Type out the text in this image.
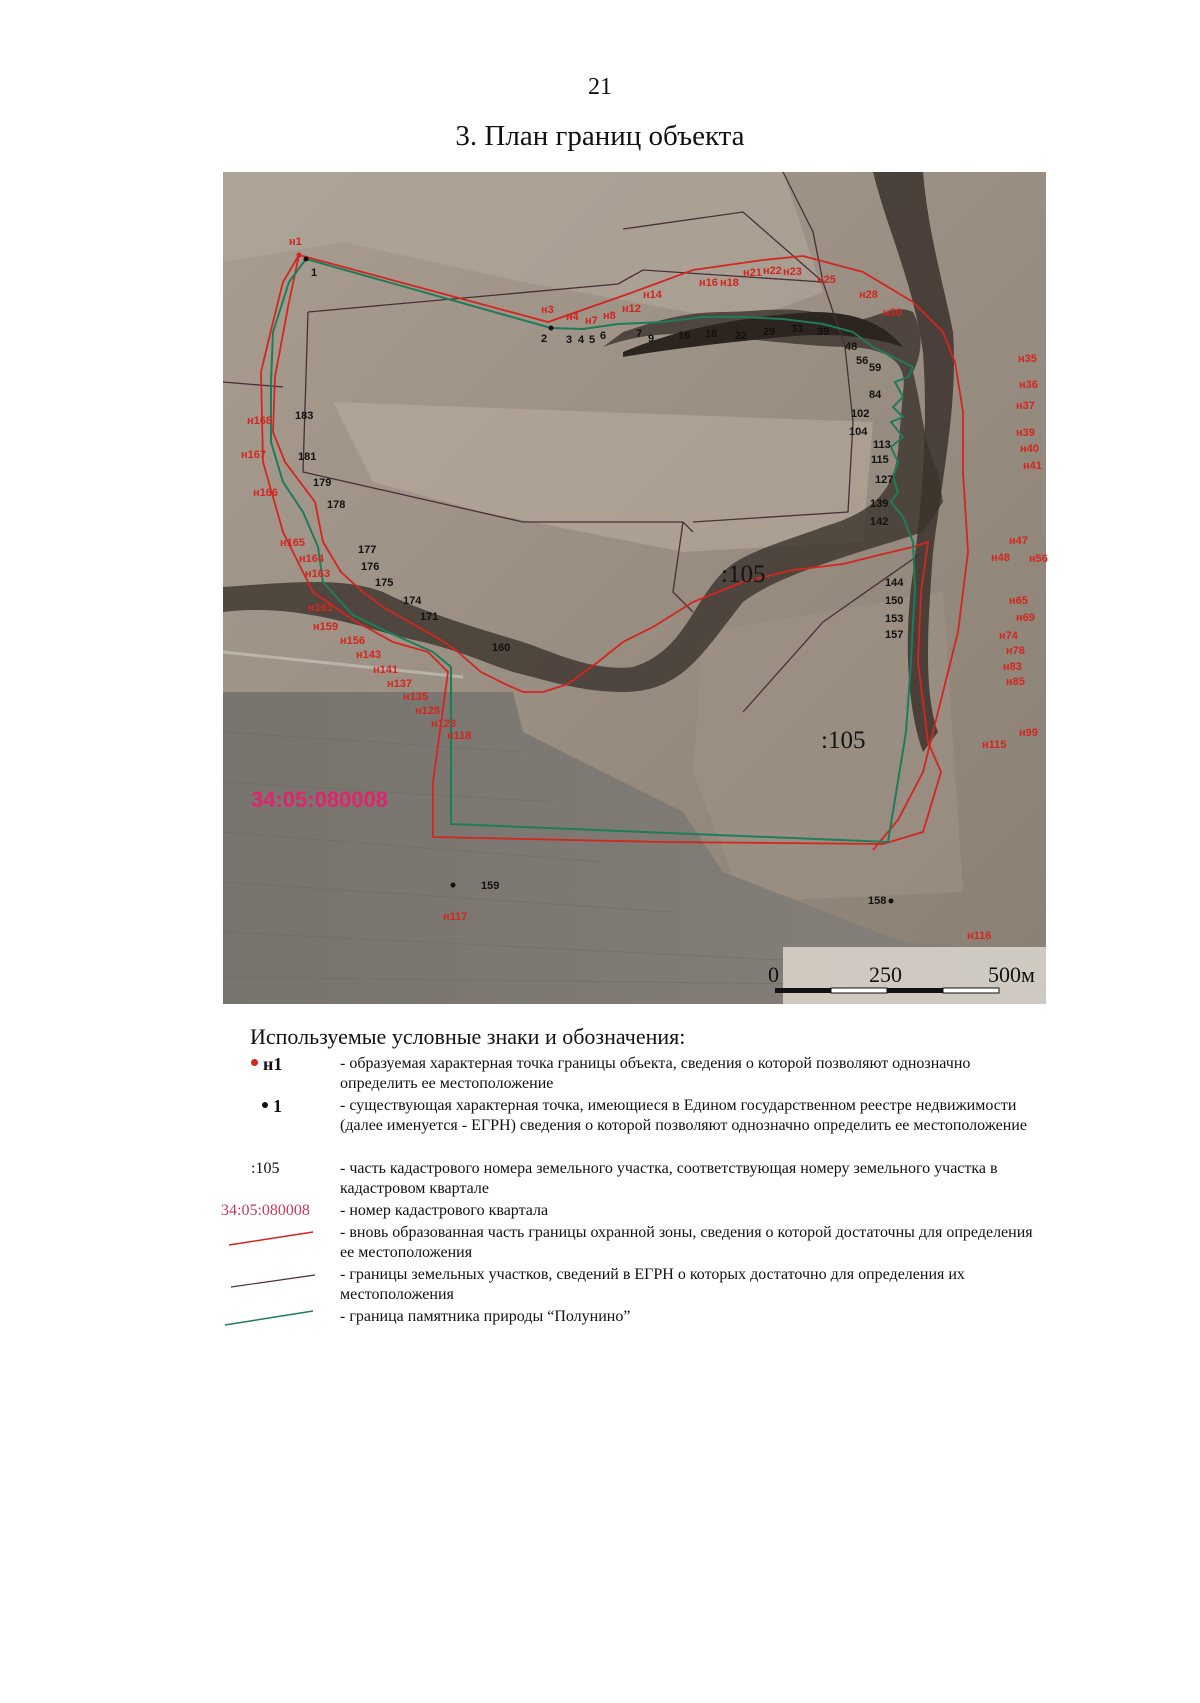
21
3. План границ объекта
1
2 3 4 5 6	7 9 16 18 22 29 33 39
48
56
59
84
102
104
113
115
127
139
142
144
150
153
157
158
159
160
171
174
175
176
177
178
179
181
183
н1
н3
н4 н7 н8
н12
н14
н16 н18
н21 н22 н23
н25
н28
н30
н35
н36
н37
н39
н40
н41
н47
н48 н56
н65
н69
н74
н78
н83
н85
н99
н115
н116
н117
н118
н123
н128
н135
н137
н141
н143
н156
н159
н161
н163
н164
н165
н166
н167
н168
:105
:105
34:05:080008
0	250	500м
Используемые условные знаки и обозначения:
н1	- образуемая характерная точка границы объекта, сведения о которой позволяют однозначно определить ее местоположение
1	- существующая характерная точка, имеющиеся в Едином государственном реестре недвижимости (далее именуется - ЕГРН) сведения о которой позволяют однозначно определить ее местоположение
:105	- часть кадастрового номера земельного участка, соответствующая номеру земельного участка в кадастровом квартале
34:05:080008 - номер кадастрового квартала
- вновь образованная часть границы охранной зоны, сведения о которой достаточны для определения ее местоположения
- границы земельных участков, сведений в ЕГРН о которых достаточно для определения их местоположения
- граница памятника природы “Полунино”
